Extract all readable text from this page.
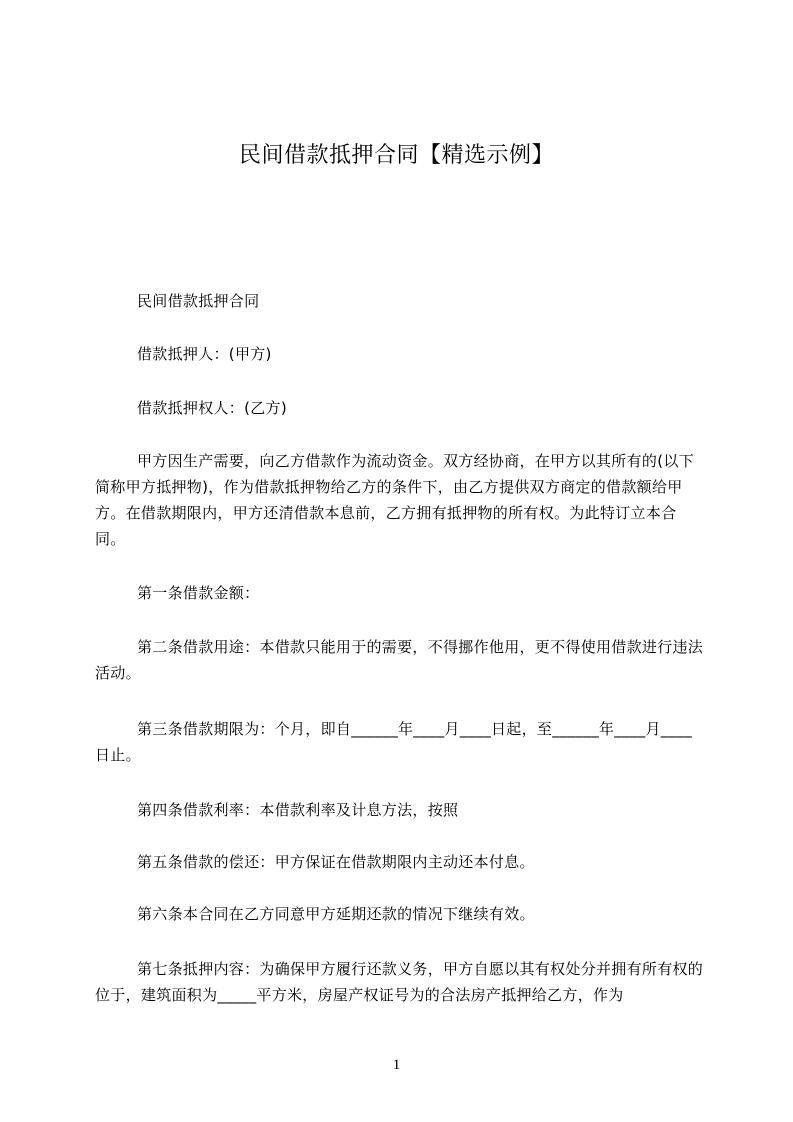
民间借款抵押合同【精选示例】

民间借款抵押合同

借款抵押人：(甲方)

借款抵押权人：(乙方)

甲方因生产需要，向乙方借款作为流动资金。双方经协商，在甲方以其所有的(以下简称甲方抵押物)，作为借款抵押物给乙方的条件下，由乙方提供双方商定的借款额给甲方。在借款期限内，甲方还清借款本息前，乙方拥有抵押物的所有权。为此特订立本合同。

第一条借款金额：

第二条借款用途：本借款只能用于的需要，不得挪作他用，更不得使用借款进行违法活动。

第三条借款期限为：个月，即自______年____月____日起，至______年____月____日止。

第四条借款利率：本借款利率及计息方法，按照

第五条借款的偿还：甲方保证在借款期限内主动还本付息。

第六条本合同在乙方同意甲方延期还款的情况下继续有效。

第七条抵押内容：为确保甲方履行还款义务，甲方自愿以其有权处分并拥有所有权的位于，建筑面积为_____平方米，房屋产权证号为的合法房产抵押给乙方，作为

1
